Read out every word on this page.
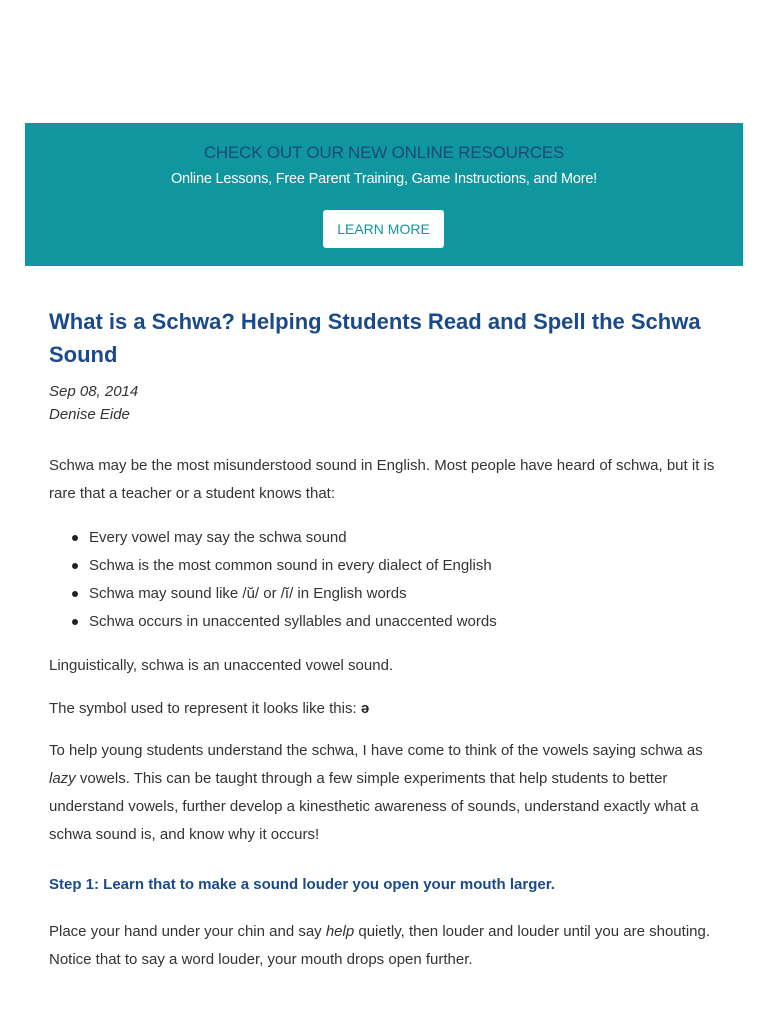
CHECK OUT OUR NEW ONLINE RESOURCES
Online Lessons, Free Parent Training, Game Instructions, and More!
LEARN MORE
What is a Schwa? Helping Students Read and Spell the Schwa Sound
Sep 08, 2014
Denise Eide

Schwa may be the most misunderstood sound in English. Most people have heard of schwa, but it is rare that a teacher or a student knows that:

Every vowel may say the schwa sound
Schwa is the most common sound in every dialect of English
Schwa may sound like /ŭ/ or /ĭ/ in English words
Schwa occurs in unaccented syllables and unaccented words

Linguistically, schwa is an unaccented vowel sound.

The symbol used to represent it looks like this: ə

To help young students understand the schwa, I have come to think of the vowels saying schwa as lazy vowels. This can be taught through a few simple experiments that help students to better understand vowels, further develop a kinesthetic awareness of sounds, understand exactly what a schwa sound is, and know why it occurs!

Step 1: Learn that to make a sound louder you open your mouth larger.

Place your hand under your chin and say help quietly, then louder and louder until you are shouting. Notice that to say a word louder, your mouth drops open further.
